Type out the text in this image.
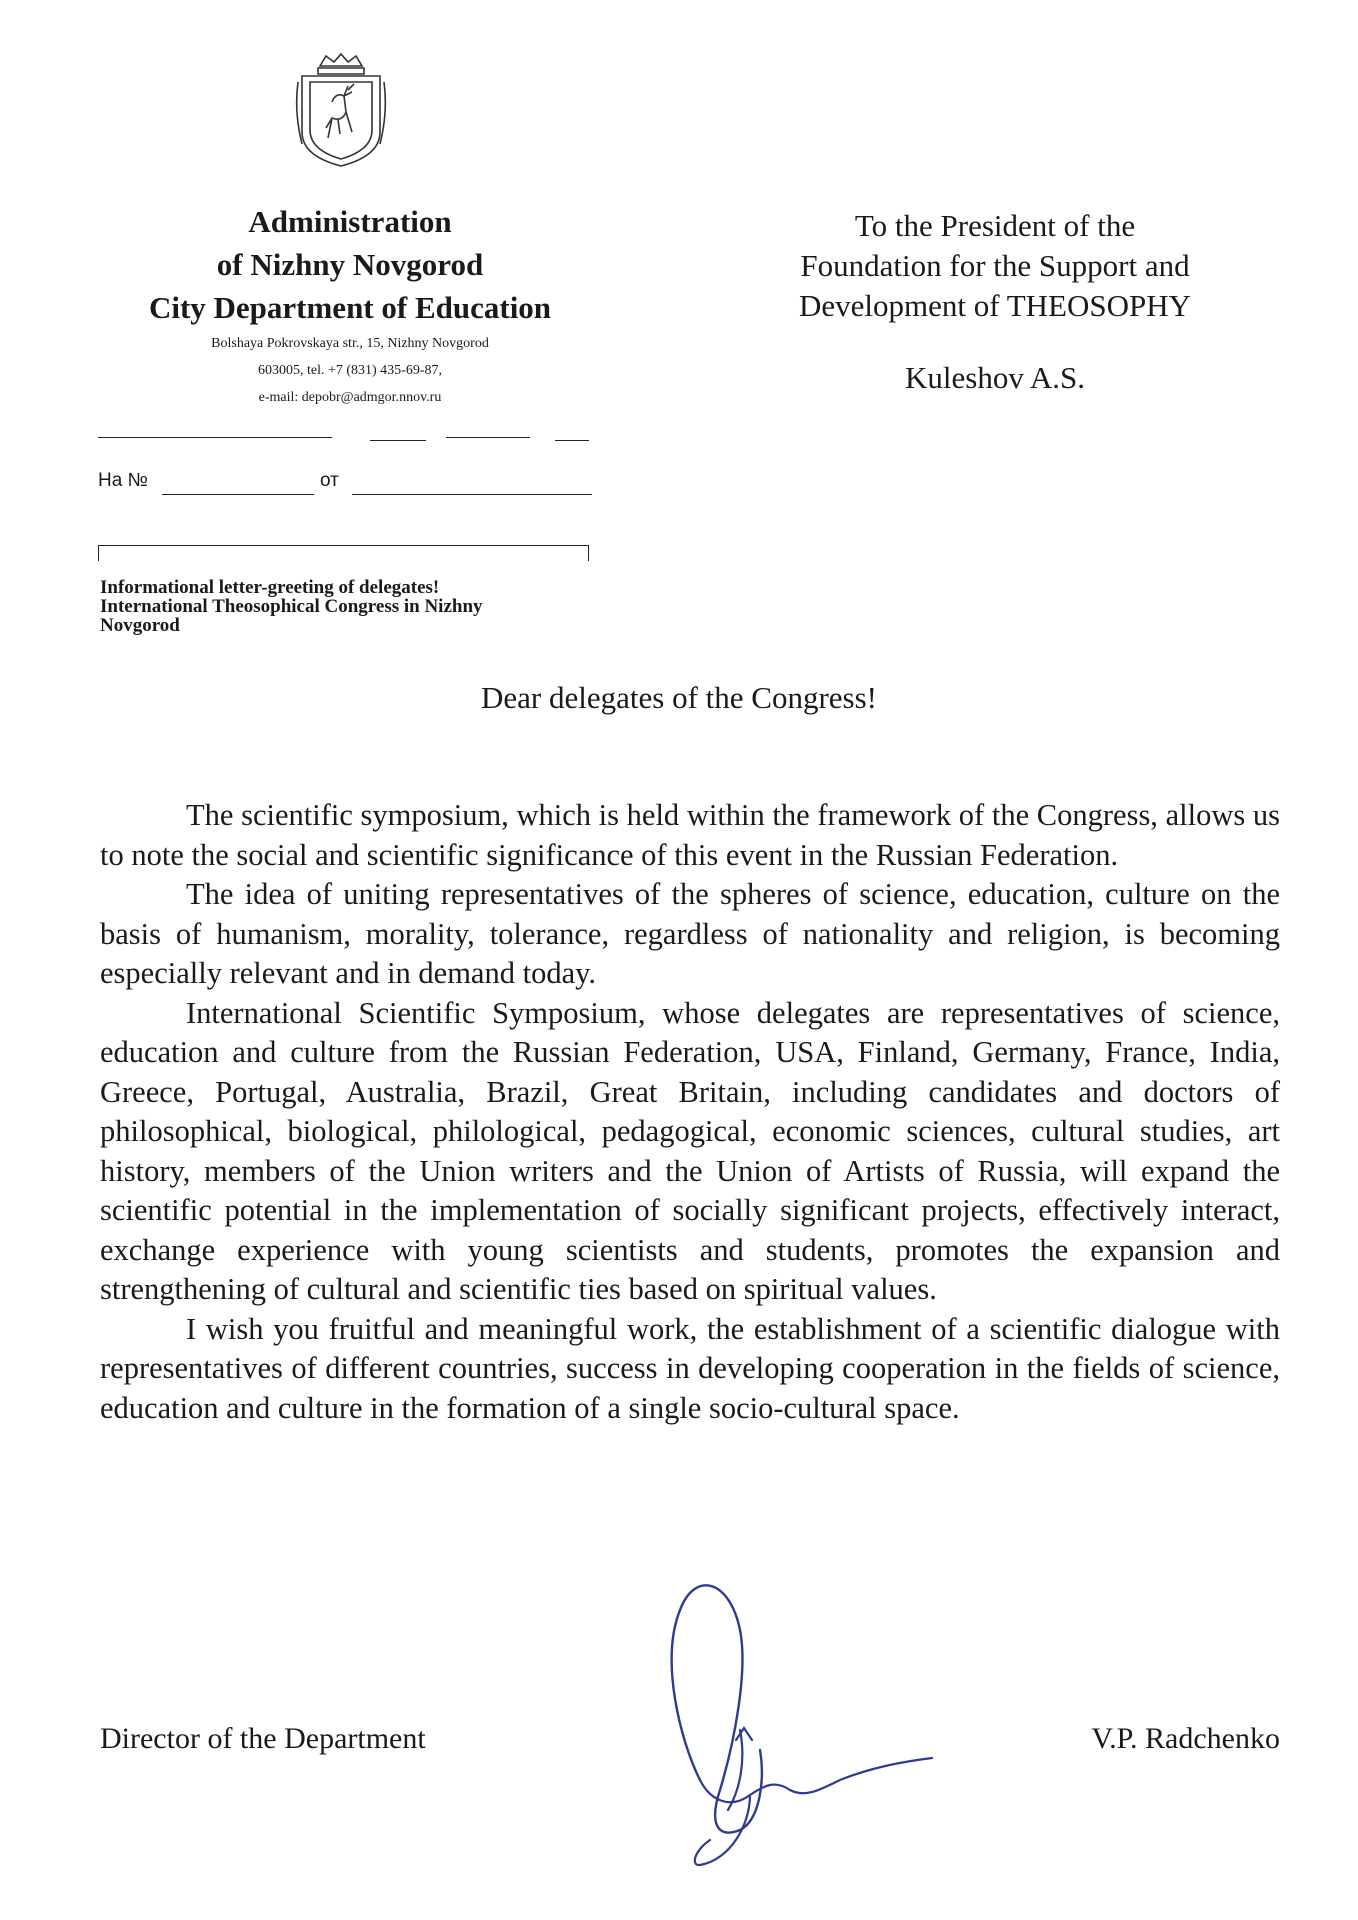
Administration
of Nizhny Novgorod
City Department of Education
Bolshaya Pokrovskaya str., 15, Nizhny Novgorod
603005, tel. +7 (831) 435-69-87,
e-mail: depobr@admgor.nnov.ru
На №	от
Informational letter-greeting of delegates! International Theosophical Congress in Nizhny Novgorod
To the President of the
Foundation for the Support and
Development of THEOSOPHY
Kuleshov A.S.
Dear delegates of the Congress!

The scientific symposium, which is held within the framework of the Congress, allows us to note the social and scientific significance of this event in the Russian Federation.

The idea of uniting representatives of the spheres of science, education, culture on the basis of humanism, morality, tolerance, regardless of nationality and religion, is becoming especially relevant and in demand today.

International Scientific Symposium, whose delegates are representatives of science, education and culture from the Russian Federation, USA, Finland, Germany, France, India, Greece, Portugal, Australia, Brazil, Great Britain, including candidates and doctors of philosophical, biological, philological, pedagogical, economic sciences, cultural studies, art history, members of the Union writers and the Union of Artists of Russia, will expand the scientific potential in the implementation of socially significant projects, effectively interact, exchange experience with young scientists and students, promotes the expansion and strengthening of cultural and scientific ties based on spiritual values.

I wish you fruitful and meaningful work, the establishment of a scientific dialogue with representatives of different countries, success in developing cooperation in the fields of science, education and culture in the formation of a single socio-cultural space.

Director of the Department	V.P. Radchenko
